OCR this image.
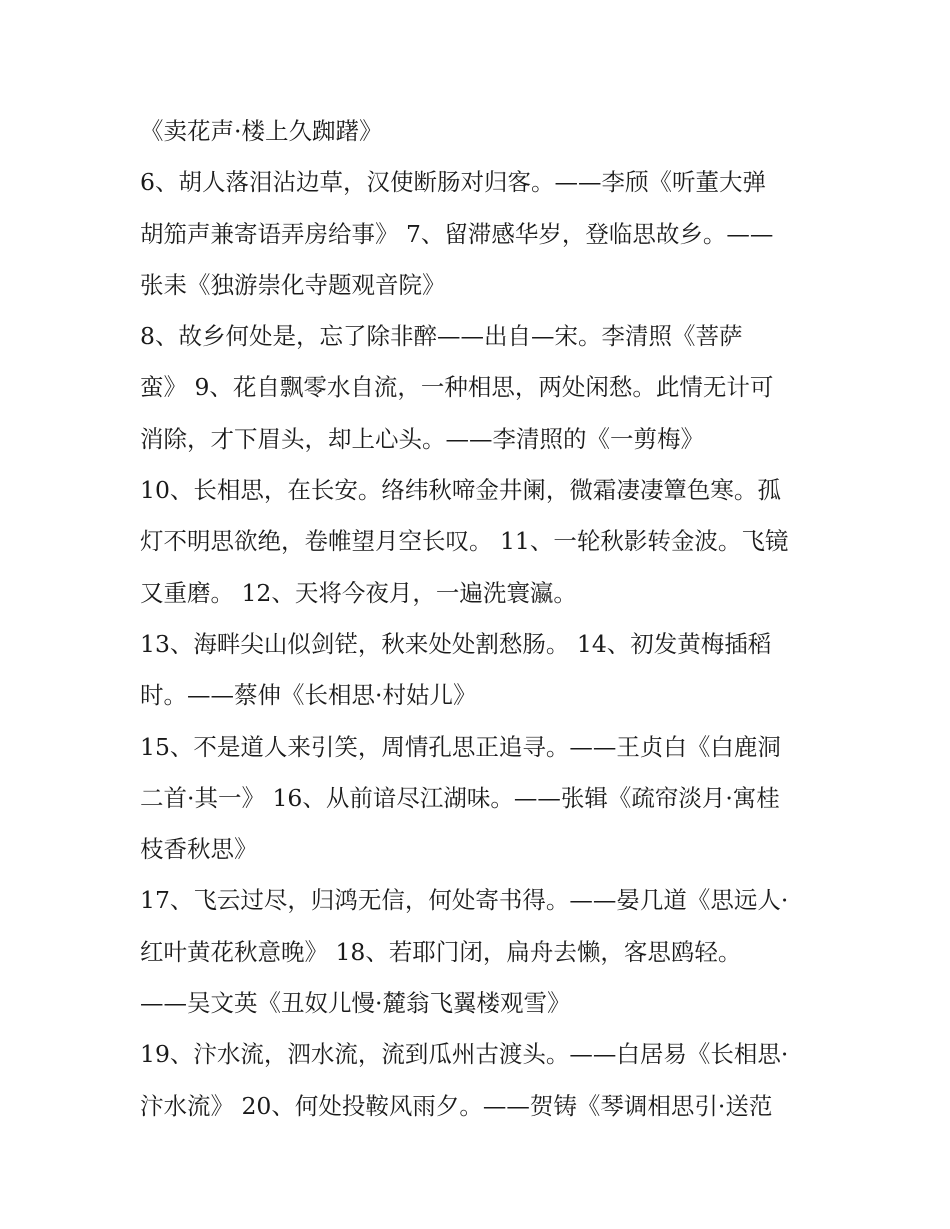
《卖花声·楼上久踟躇》
6、胡人落泪沾边草，汉使断肠对归客。——李颀《听董大弹
胡笳声兼寄语弄房给事》 7、留滞感华岁，登临思故乡。——
张耒《独游崇化寺题观音院》
8、故乡何处是，忘了除非醉——出自—宋。李清照《菩萨
蛮》 9、花自飘零水自流，一种相思，两处闲愁。此情无计可
消除，才下眉头，却上心头。——李清照的《一剪梅》
10、长相思，在长安。络纬秋啼金井阑，微霜凄凄簟色寒。孤
灯不明思欲绝，卷帷望月空长叹。 11、一轮秋影转金波。飞镜
又重磨。 12、天将今夜月，一遍洗寰瀛。
13、海畔尖山似剑铓，秋来处处割愁肠。 14、初发黄梅插稻
时。——蔡伸《长相思·村姑儿》
15、不是道人来引笑，周情孔思正追寻。——王贞白《白鹿洞
二首·其一》 16、从前谙尽江湖味。——张辑《疏帘淡月·寓桂
枝香秋思》
17、飞云过尽，归鸿无信，何处寄书得。——晏几道《思远人·
红叶黄花秋意晚》 18、若耶门闭，扁舟去懒，客思鸥轻。
——吴文英《丑奴儿慢·麓翁飞翼楼观雪》
19、汴水流，泗水流，流到瓜州古渡头。——白居易《长相思·
汴水流》 20、何处投鞍风雨夕。——贺铸《琴调相思引·送范
